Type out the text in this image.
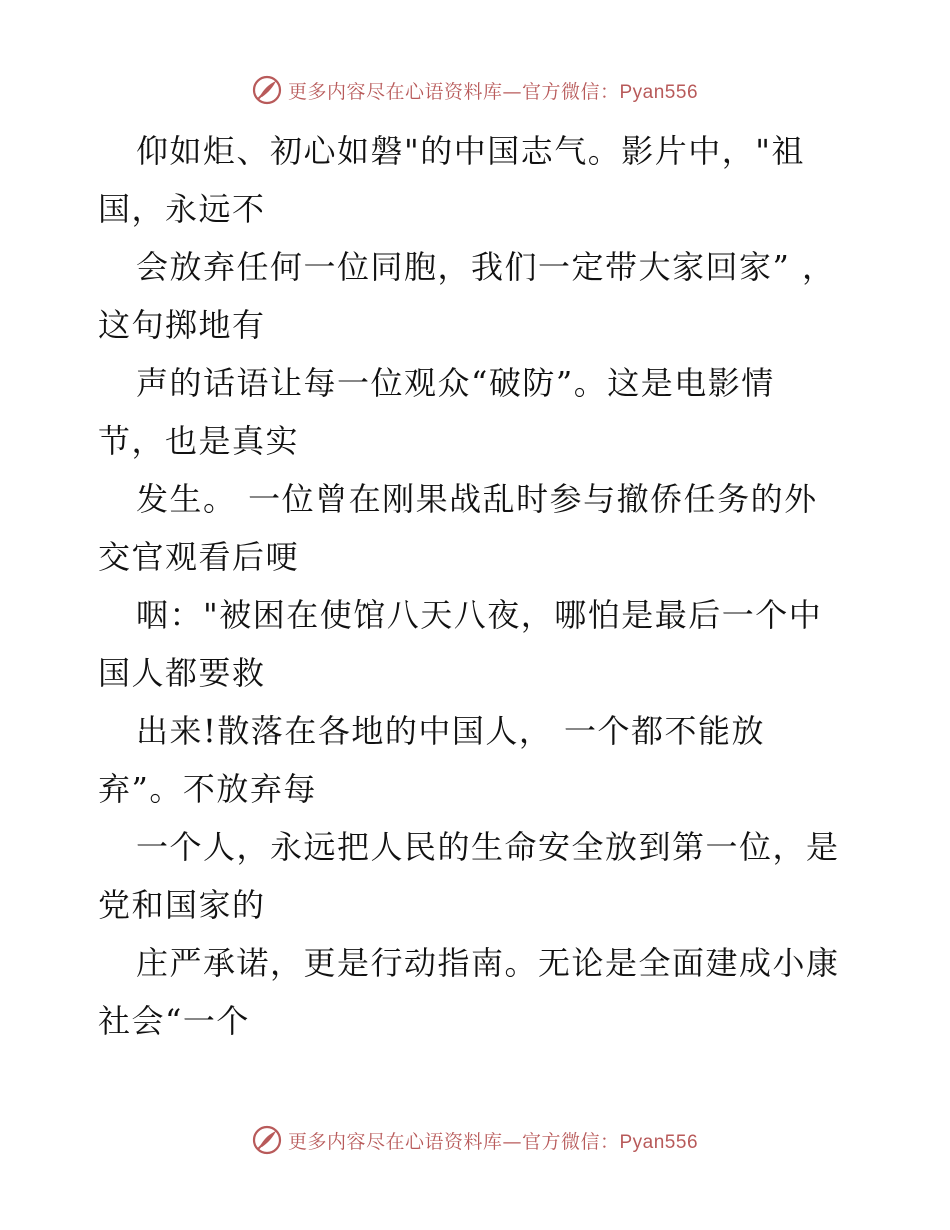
更多内容尽在心语资料库—官方微信：Pyan556
仰如炬、初心如磐"的中国志气。影片中，"祖
国，永远不
会放弃任何一位同胞，我们一定带大家回家” ，
这句掷地有
声的话语让每一位观众“破防”。这是电影情
节，也是真实
发生。 一位曾在刚果战乱时参与撤侨任务的外
交官观看后哽
咽："被困在使馆八天八夜，哪怕是最后一个中
国人都要救
出来!散落在各地的中国人， 一个都不能放
弃”。不放弃每
一个人，永远把人民的生命安全放到第一位，是
党和国家的
庄严承诺，更是行动指南。无论是全面建成小康
社会“一个
更多内容尽在心语资料库—官方微信：Pyan556
